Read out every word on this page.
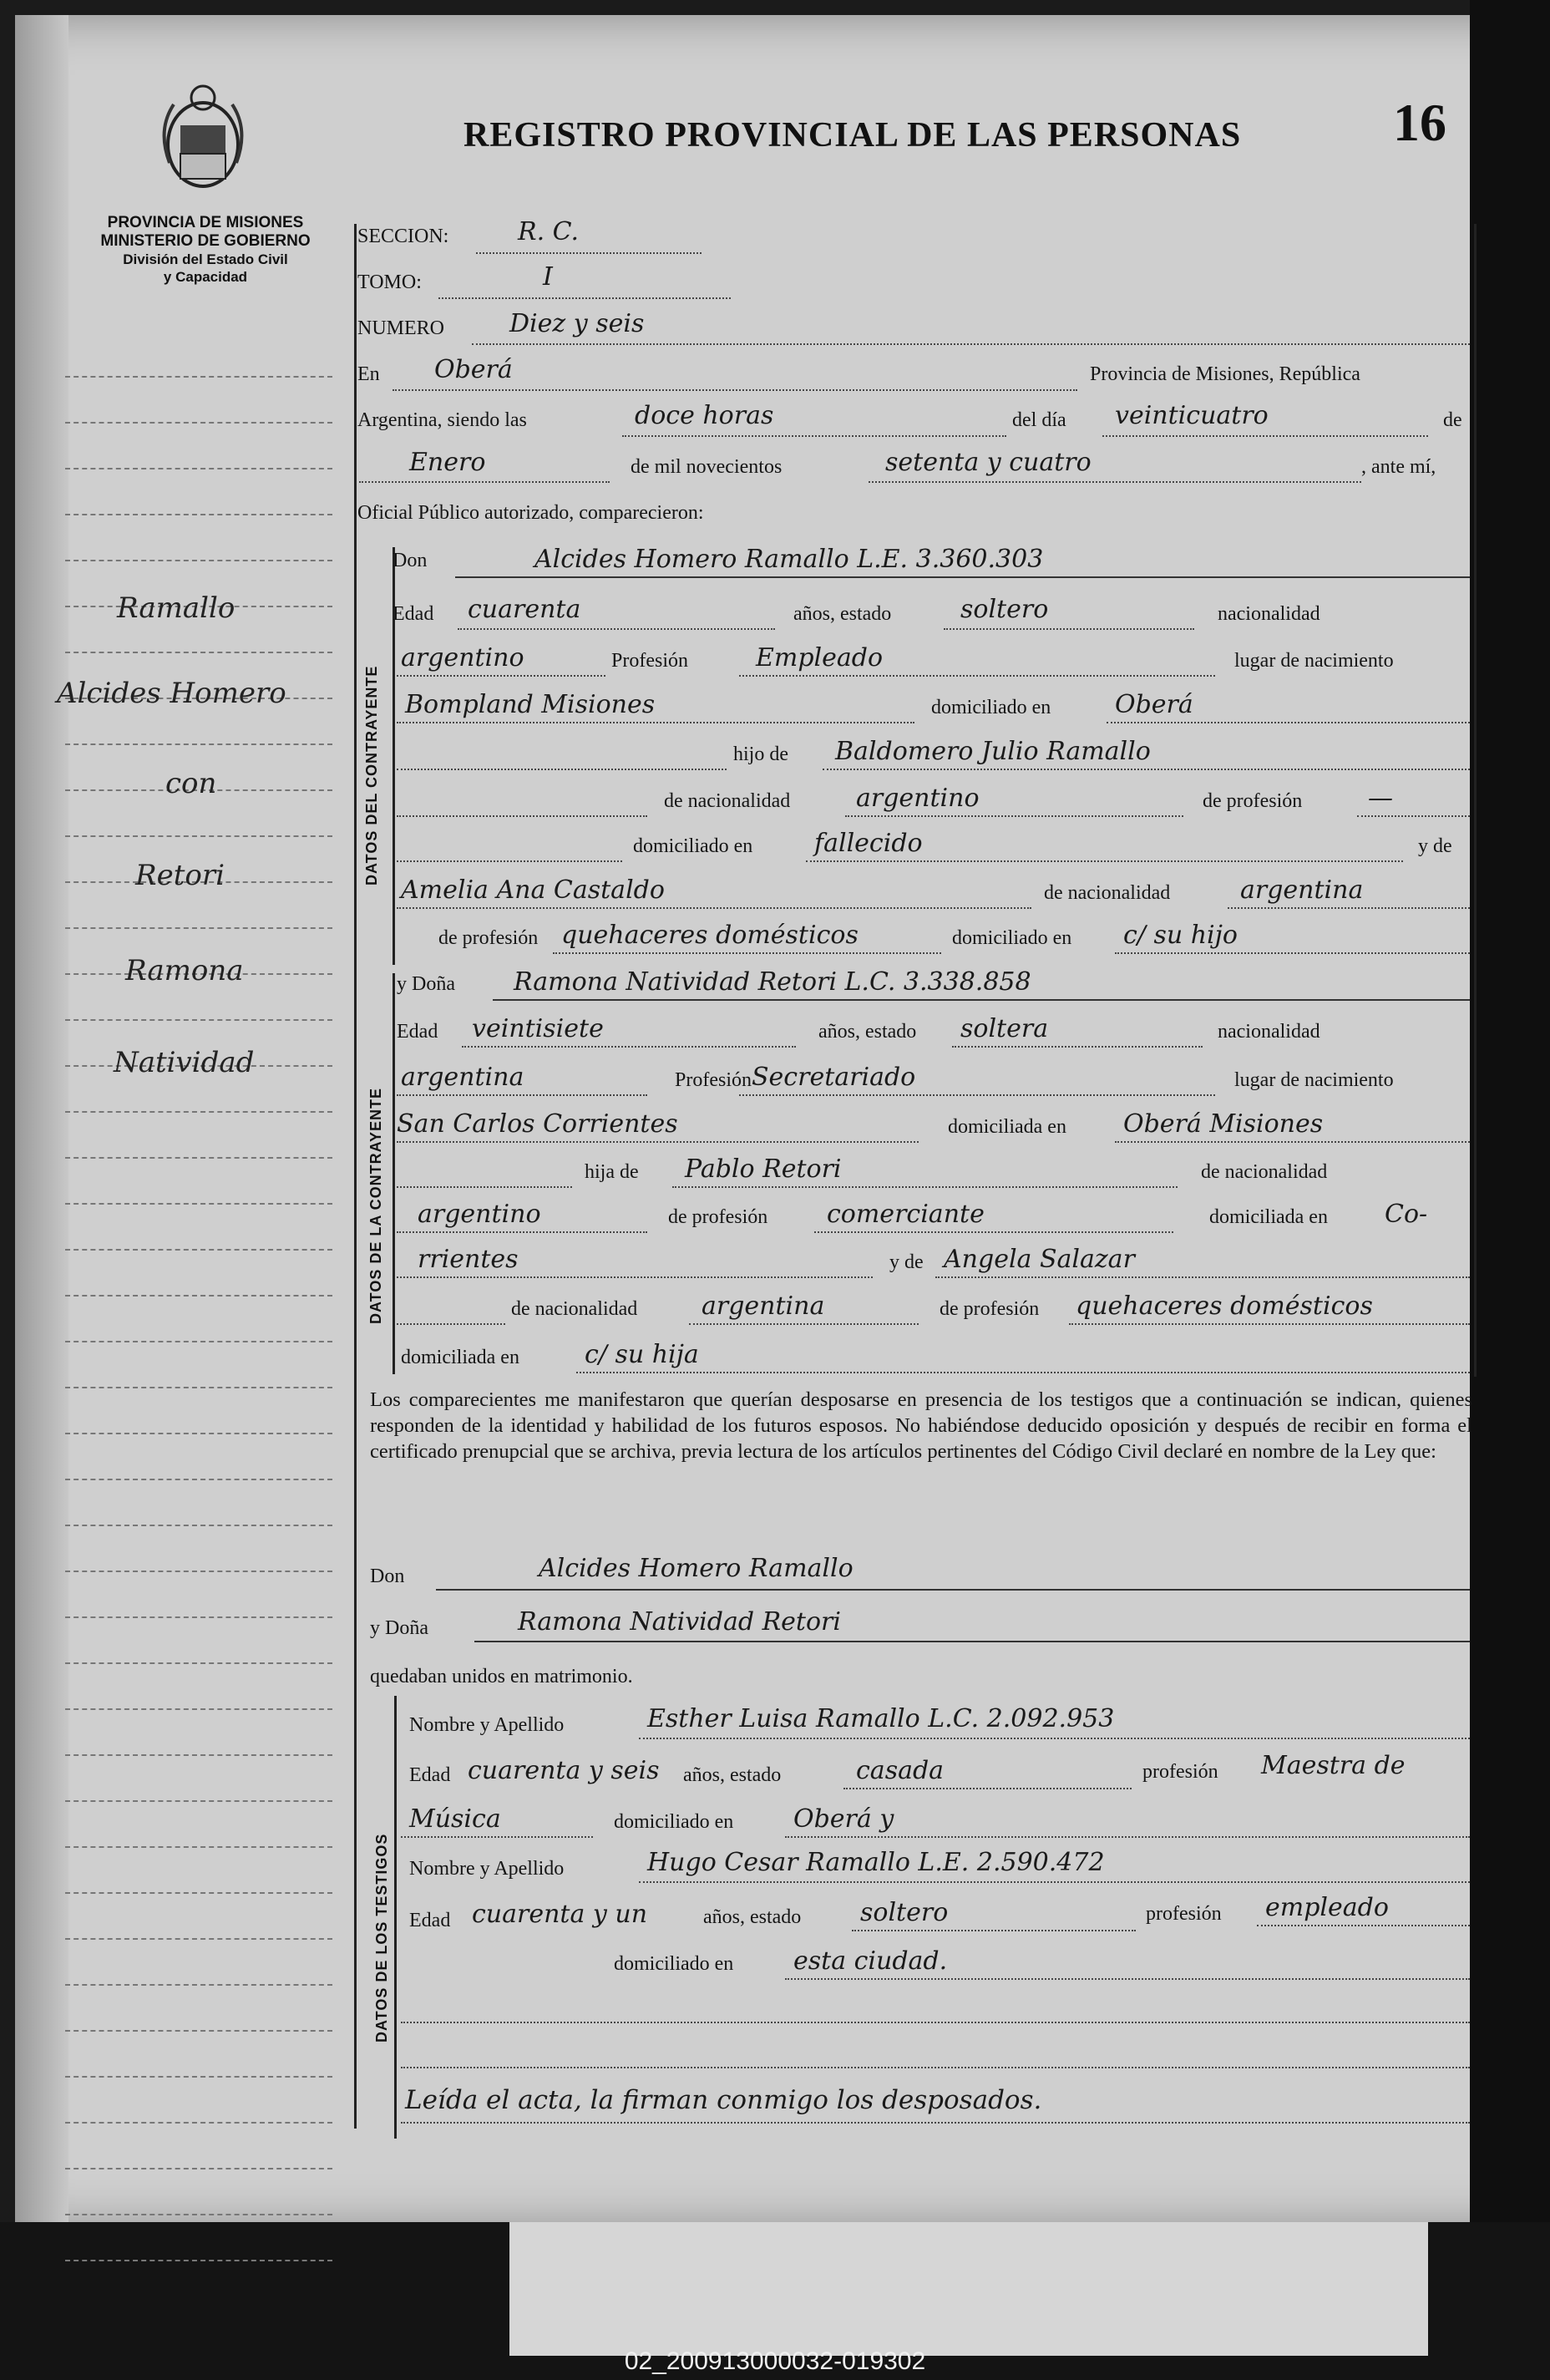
02_200913000032-019302
REGISTRO PROVINCIAL DE LAS PERSONAS	16
PROVINCIA DE MISIONES
MINISTERIO DE GOBIERNO
División del Estado Civil
y Capacidad
Ramallo
Alcides Homero
con
Retori
Ramona
Natividad
SECCION:	R. C.
TOMO:	I
NUMERO	Diez y seis
En Oberá	Provincia de Misiones, República
Argentina, siendo las	doce horas	del día veinticuatro	de
Enero	de mil novecientos	setenta y cuatro	, ante mí,
Oficial Público autorizado, comparecieron:
DATOS DEL CONTRAYENTE
Don	Alcides Homero Ramallo L.E. 3.360.303
Edad cuarenta	años, estado	soltero	nacionalidad
argentino	Profesión	Empleado	lugar de nacimiento
Bompland Misiones	domiciliado en	Oberá
hijo de Baldomero Julio Ramallo
de nacionalidad	argentino	de profesión	—
domiciliado en fallecido	y de
Amelia Ana Castaldo	de nacionalidad	argentina
de profesión quehaceres domésticos	domiciliado en c/ su hijo
DATOS DE LA CONTRAYENTE
y Doña Ramona Natividad Retori L.C. 3.338.858
Edad veintisiete	años, estado soltera	nacionalidad
argentina	Profesión Secretariado	lugar de nacimiento
San Carlos Corrientes	domiciliada en Oberá Misiones
hija de Pablo Retori	de nacionalidad
argentino	de profesión comerciante	domiciliada en Co-
rrientes	y de Angela Salazar
de nacionalidad	argentina	de profesión quehaceres domésticos
domiciliada en	c/ su hija
Los comparecientes me manifestaron que querían desposarse en presencia de los testigos que a continuación se indican, quienes responden de la identidad y habilidad de los futuros esposos. No habiéndose deducido oposición y después de recibir en forma el certificado prenupcial que se archiva, previa lectura de los artículos pertinentes del Código Civil declaré en nombre de la Ley que:
Don	Alcides Homero Ramallo
y Doña	Ramona Natividad Retori
quedaban unidos en matrimonio.
DATOS DE LOS TESTIGOS
Nombre y Apellido	Esther Luisa Ramallo L.C. 2.092.953
Edad cuarenta y seis años, estado	casada	profesión Maestra de
Música	domiciliado en Oberá y
Nombre y Apellido	Hugo Cesar Ramallo L.E. 2.590.472
Edad cuarenta y un	años, estado soltero	profesión empleado
domiciliado en esta ciudad.
Leída el acta, la firman conmigo los desposados.
